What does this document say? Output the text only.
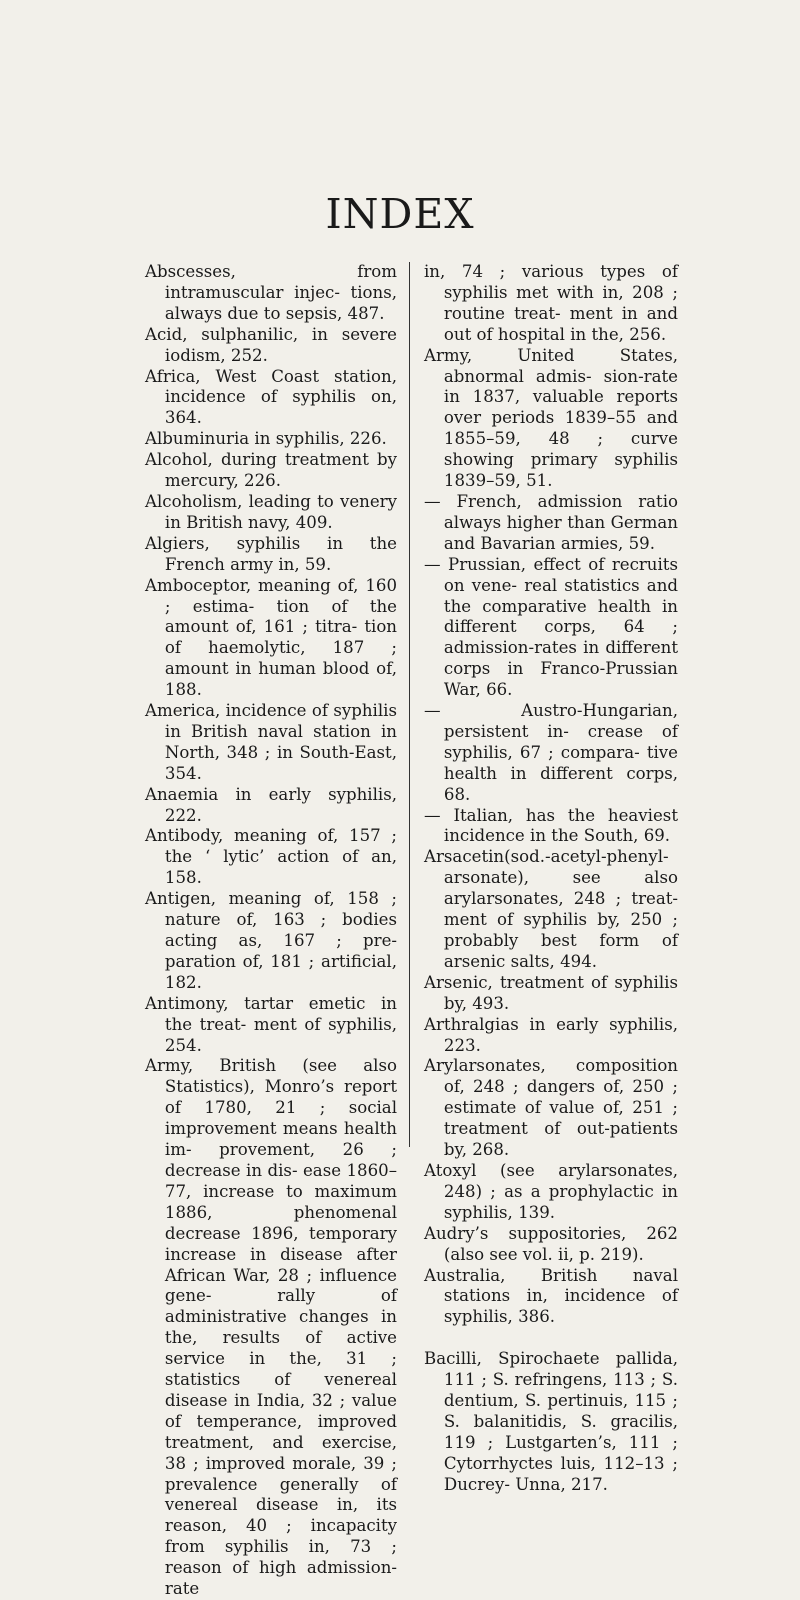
INDEX

Abscesses, from intramuscular injec- tions, always due to sepsis, 487.

Acid, sulphanilic, in severe iodism, 252.

Africa, West Coast station, incidence of syphilis on, 364.

Albuminuria in syphilis, 226.

Alcohol, during treatment by mercury, 226.

Alcoholism, leading to venery in British navy, 409.

Algiers, syphilis in the French army in, 59.

Amboceptor, meaning of, 160 ; estima- tion of the amount of, 161 ; titra- tion of haemolytic, 187 ; amount in human blood of, 188.

America, incidence of syphilis in British naval station in North, 348 ; in South-East, 354.

Anaemia in early syphilis, 222.

Antibody, meaning of, 157 ; the ‘ lytic’ action of an, 158.

Antigen, meaning of, 158 ; nature of, 163 ; bodies acting as, 167 ; pre- paration of, 181 ; artificial, 182.

Antimony, tartar emetic in the treat- ment of syphilis, 254.

Army, British (see also Statistics), Monro’s report of 1780, 21 ; social improvement means health im- provement, 26 ; decrease in dis- ease 1860–77, increase to maximum 1886, phenomenal decrease 1896, temporary increase in disease after African War, 28 ; influence gene- rally of administrative changes in the, results of active service in the, 31 ; statistics of venereal disease in India, 32 ; value of temperance, improved treatment, and exercise, 38 ; improved morale, 39 ; prevalence generally of venereal disease in, its reason, 40 ; incapacity from syphilis in, 73 ; reason of high admission-rate

in, 74 ; various types of syphilis met with in, 208 ; routine treat- ment in and out of hospital in the, 256.

Army, United States, abnormal admis- sion-rate in 1837, valuable reports over periods 1839–55 and 1855–59, 48 ; curve showing primary syphilis 1839–59, 51.

— French, admission ratio always higher than German and Bavarian armies, 59.

— Prussian, effect of recruits on vene- real statistics and the comparative health in different corps, 64 ; admission-rates in different corps in Franco-Prussian War, 66.

— Austro-Hungarian, persistent in- crease of syphilis, 67 ; compara- tive health in different corps, 68.

— Italian, has the heaviest incidence in the South, 69.

Arsacetin(sod.-acetyl-phenyl-arsonate), see also arylarsonates, 248 ; treat- ment of syphilis by, 250 ; probably best form of arsenic salts, 494.

Arsenic, treatment of syphilis by, 493.

Arthralgias in early syphilis, 223.

Arylarsonates, composition of, 248 ; dangers of, 250 ; estimate of value of, 251 ; treatment of out-patients by, 268.

Atoxyl (see arylarsonates, 248) ; as a prophylactic in syphilis, 139.

Audry’s suppositories, 262 (also see vol. ii, p. 219).

Australia, British naval stations in, incidence of syphilis, 386.

Bacilli, Spirochaete pallida, 111 ; S. refringens, 113 ; S. dentium, S. pertinuis, 115 ; S. balanitidis, S. gracilis, 119 ; Lustgarten’s, 111 ; Cytorrhyctes luis, 112–13 ; Ducrey- Unna, 217.
